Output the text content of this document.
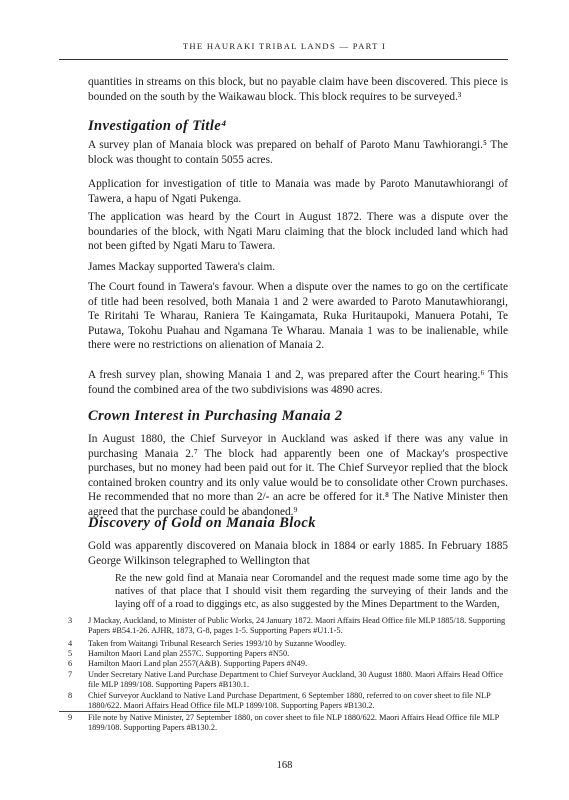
THE HAURAKI TRIBAL LANDS — PART I

quantities in streams on this block, but no payable claim have been discovered. This piece is bounded on the south by the Waikawau block. This block requires to be surveyed.³

Investigation of Title⁴

A survey plan of Manaia block was prepared on behalf of Paroto Manu Tawhiorangi.⁵ The block was thought to contain 5055 acres.

Application for investigation of title to Manaia was made by Paroto Manutawhiorangi of Tawera, a hapu of Ngati Pukenga.

The application was heard by the Court in August 1872. There was a dispute over the boundaries of the block, with Ngati Maru claiming that the block included land which had not been gifted by Ngati Maru to Tawera.

James Mackay supported Tawera's claim.

The Court found in Tawera's favour. When a dispute over the names to go on the certificate of title had been resolved, both Manaia 1 and 2 were awarded to Paroto Manutawhiorangi, Te Riritahi Te Wharau, Raniera Te Kaingamata, Ruka Huritaupoki, Manuera Potahi, Te Putawa, Tokohu Puahau and Ngamana Te Wharau. Manaia 1 was to be inalienable, while there were no restrictions on alienation of Manaia 2.

A fresh survey plan, showing Manaia 1 and 2, was prepared after the Court hearing.⁶ This found the combined area of the two subdivisions was 4890 acres.

Crown Interest in Purchasing Manaia 2

In August 1880, the Chief Surveyor in Auckland was asked if there was any value in purchasing Manaia 2.⁷ The block had apparently been one of Mackay's prospective purchases, but no money had been paid out for it. The Chief Surveyor replied that the block contained broken country and its only value would be to consolidate other Crown purchases. He recommended that no more than 2/- an acre be offered for it.⁸ The Native Minister then agreed that the purchase could be abandoned.⁹

Discovery of Gold on Manaia Block

Gold was apparently discovered on Manaia block in 1884 or early 1885. In February 1885 George Wilkinson telegraphed to Wellington that

Re the new gold find at Manaia near Coromandel and the request made some time ago by the natives of that place that I should visit them regarding the surveying of their lands and the laying off of a road to diggings etc, as also suggested by the Mines Department to the Warden,

3 J Mackay, Auckland, to Minister of Public Works, 24 January 1872. Maori Affairs Head Office file MLP 1885/18. Supporting Papers #B54.1-26. AJHR, 1873, G-8, pages 1-5. Supporting Papers #U1.1-5.
4 Taken from Waitangi Tribunal Research Series 1993/10 by Suzanne Woodley.
5 Hamilton Maori Land plan 2557C. Supporting Papers #N50.
6 Hamilton Maori Land plan 2557(A&B). Supporting Papers #N49.
7 Under Secretary Native Land Purchase Department to Chief Surveyor Auckland, 30 August 1880. Maori Affairs Head Office file MLP 1899/108. Supporting Papers #B130.1.
8 Chief Surveyor Auckland to Native Land Purchase Department, 6 September 1880, referred to on cover sheet to file NLP 1880/622. Maori Affairs Head Office file MLP 1899/108. Supporting Papers #B130.2.
9 File note by Native Minister, 27 September 1880, on cover sheet to file NLP 1880/622. Maori Affairs Head Office file MLP 1899/108. Supporting Papers #B130.2.
168
